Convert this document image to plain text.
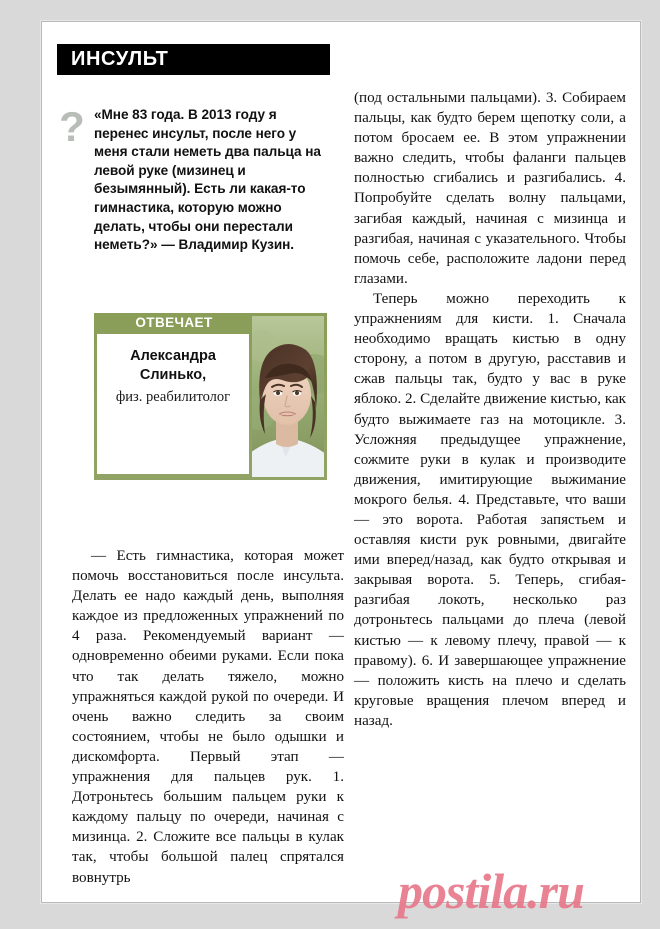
ИНСУЛЬТ
? «Мне 83 года. В 2013 году я перенес инсульт, после него у меня стали неметь два пальца на левой руке (мизинец и безымянный). Есть ли какая-то гимнастика, которую можно делать, чтобы они перестали неметь?» — Владимир Кузин.
ОТВЕЧАЕТ
Александра Слинько,
физ. реабилитолог

— Есть гимнастика, которая может помочь восстановиться после инсульта. Делать ее надо каждый день, выполняя каждое из предложенных упражнений по 4 раза. Рекомендуемый вариант — одновременно обеими руками. Если пока что так делать тяжело, можно упражняться каждой рукой по очереди. И очень важно следить за своим состоянием, чтобы не было одышки и дискомфорта. Первый этап — упражнения для пальцев рук. 1. Дотроньтесь большим пальцем руки к каждому пальцу по очереди, начиная с мизинца. 2. Сложите все пальцы в кулак так, чтобы большой палец спрятался вовнутрь

(под остальными пальцами). 3. Собираем пальцы, как будто берем щепотку соли, а потом бросаем ее. В этом упражнении важно следить, чтобы фаланги пальцев полностью сгибались и разгибались. 4. Попробуйте сделать волну пальцами, загибая каждый, начиная с мизинца и разгибая, начиная с указательного. Чтобы помочь себе, расположите ладони перед глазами.

Теперь можно переходить к упражнениям для кисти. 1. Сначала необходимо вращать кистью в одну сторону, а потом в другую, расставив и сжав пальцы так, будто у вас в руке яблоко. 2. Сделайте движение кистью, как будто выжимаете газ на мотоцикле. 3. Усложняя предыдущее упражнение, сожмите руки в кулак и производите движения, имитирующие выжимание мокрого белья. 4. Представьте, что ваши — это ворота. Работая запястьем и оставляя кисти рук ровными, двигайте ими вперед/назад, как будто открывая и закрывая ворота. 5. Теперь, сгибая-разгибая локоть, несколько раз дотроньтесь пальцами до плеча (левой кистью — к левому плечу, правой — к правому). 6. И завершающее упражнение — положить кисть на плечо и сделать круговые вращения плечом вперед и назад.

postila.ru
